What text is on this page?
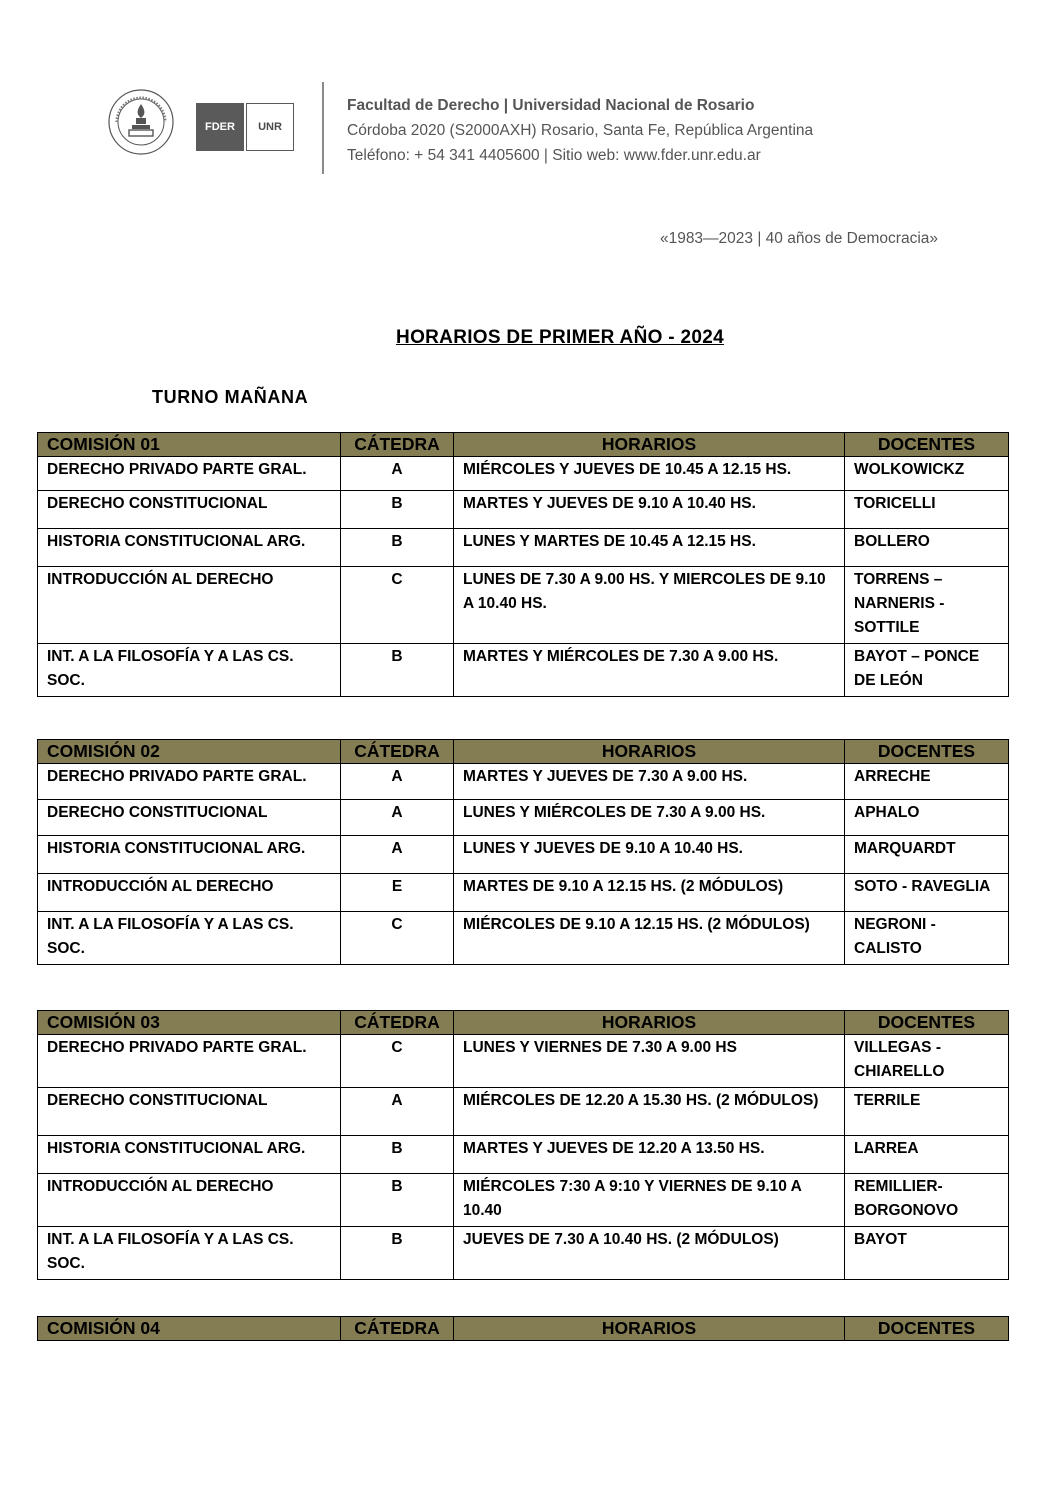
FDER	UNR
Facultad de Derecho | Universidad Nacional de Rosario
Córdoba 2020 (S2000AXH) Rosario, Santa Fe, República Argentina
Teléfono: + 54 341 4405600 | Sitio web: www.fder.unr.edu.ar
«1983—2023 | 40 años de Democracia»
HORARIOS DE PRIMER AÑO - 2024
TURNO MAÑANA
COMISIÓN 01	CÁTEDRA	HORARIOS	DOCENTES
DERECHO PRIVADO PARTE GRAL.	A	MIÉRCOLES Y JUEVES DE 10.45 A 12.15 HS.	WOLKOWICKZ
DERECHO CONSTITUCIONAL	B	MARTES Y JUEVES DE 9.10 A 10.40 HS.	TORICELLI
HISTORIA CONSTITUCIONAL ARG.	B	LUNES Y MARTES DE 10.45 A 12.15 HS.	BOLLERO
INTRODUCCIÓN AL DERECHO	C	LUNES DE 7.30 A 9.00 HS. Y MIERCOLES DE 9.10 A 10.40 HS.	TORRENS – NARNERIS - SOTTILE
INT. A LA FILOSOFÍA Y A LAS CS. SOC.	B	MARTES Y MIÉRCOLES DE 7.30 A 9.00 HS.	BAYOT – PONCE DE LEÓN
COMISIÓN 02	CÁTEDRA	HORARIOS	DOCENTES
DERECHO PRIVADO PARTE GRAL.	A	MARTES Y JUEVES DE 7.30 A 9.00 HS.	ARRECHE
DERECHO CONSTITUCIONAL	A	LUNES Y MIÉRCOLES DE 7.30 A 9.00 HS.	APHALO
HISTORIA CONSTITUCIONAL ARG.	A	LUNES Y JUEVES DE 9.10 A 10.40 HS.	MARQUARDT
INTRODUCCIÓN AL DERECHO	E	MARTES DE 9.10 A 12.15 HS. (2 MÓDULOS)	SOTO - RAVEGLIA
INT. A LA FILOSOFÍA Y A LAS CS. SOC.	C	MIÉRCOLES DE 9.10 A 12.15 HS. (2 MÓDULOS)	NEGRONI - CALISTO
COMISIÓN 03	CÁTEDRA	HORARIOS	DOCENTES
DERECHO PRIVADO PARTE GRAL.	C	LUNES Y VIERNES DE 7.30 A 9.00 HS	VILLEGAS - CHIARELLO
DERECHO CONSTITUCIONAL	A	MIÉRCOLES DE 12.20 A 15.30 HS. (2 MÓDULOS)	TERRILE
HISTORIA CONSTITUCIONAL ARG.	B	MARTES Y JUEVES DE 12.20 A 13.50 HS.	LARREA
INTRODUCCIÓN AL DERECHO	B	MIÉRCOLES 7:30 A 9:10 Y VIERNES DE 9.10 A 10.40	REMILLIER-BORGONOVO
INT. A LA FILOSOFÍA Y A LAS CS. SOC.	B	JUEVES DE 7.30 A 10.40 HS. (2 MÓDULOS)	BAYOT
COMISIÓN 04	CÁTEDRA	HORARIOS	DOCENTES
